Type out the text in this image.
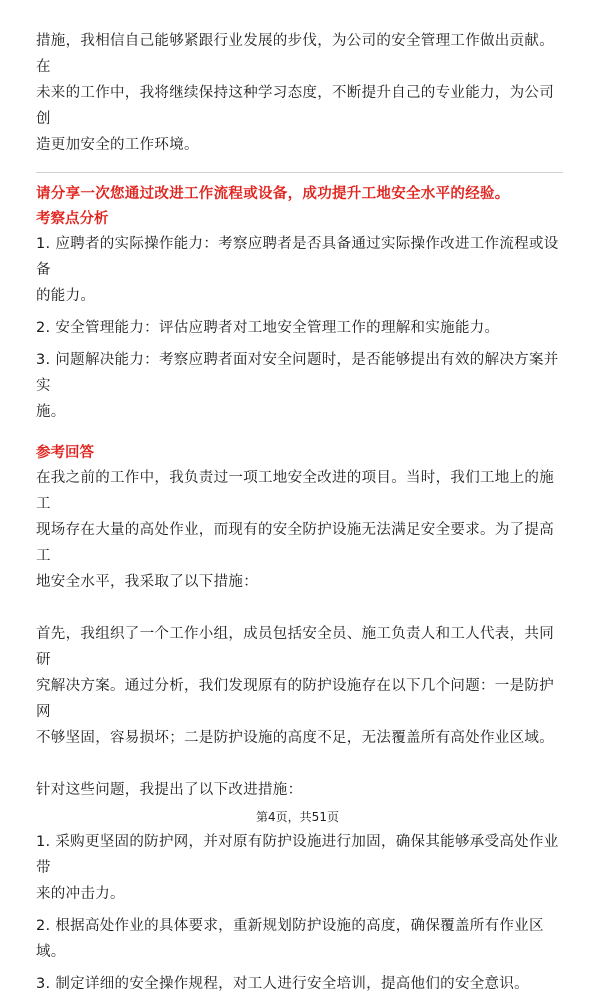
措施，我相信自己能够紧跟行业发展的步伐，为公司的安全管理工作做出贡献。在

未来的工作中，我将继续保持这种学习态度，不断提升自己的专业能力，为公司创

造更加安全的工作环境。

请分享一次您通过改进工作流程或设备，成功提升工地安全水平的经验。

考察点分析

1. 应聘者的实际操作能力：考察应聘者是否具备通过实际操作改进工作流程或设备

的能力。

2. 安全管理能力：评估应聘者对工地安全管理工作的理解和实施能力。

3. 问题解决能力：考察应聘者面对安全问题时，是否能够提出有效的解决方案并实

施。

参考回答

在我之前的工作中，我负责过一项工地安全改进的项目。当时，我们工地上的施工

现场存在大量的高处作业，而现有的安全防护设施无法满足安全要求。为了提高工

地安全水平，我采取了以下措施：

首先，我组织了一个工作小组，成员包括安全员、施工负责人和工人代表，共同研

究解决方案。通过分析，我们发现原有的防护设施存在以下几个问题：一是防护网

不够坚固，容易损坏；二是防护设施的高度不足，无法覆盖所有高处作业区域。

针对这些问题，我提出了以下改进措施：

1. 采购更坚固的防护网，并对原有防护设施进行加固，确保其能够承受高处作业带

来的冲击力。

2. 根据高处作业的具体要求，重新规划防护设施的高度，确保覆盖所有作业区域。

3. 制定详细的安全操作规程，对工人进行安全培训，提高他们的安全意识。

第4页，共51页
